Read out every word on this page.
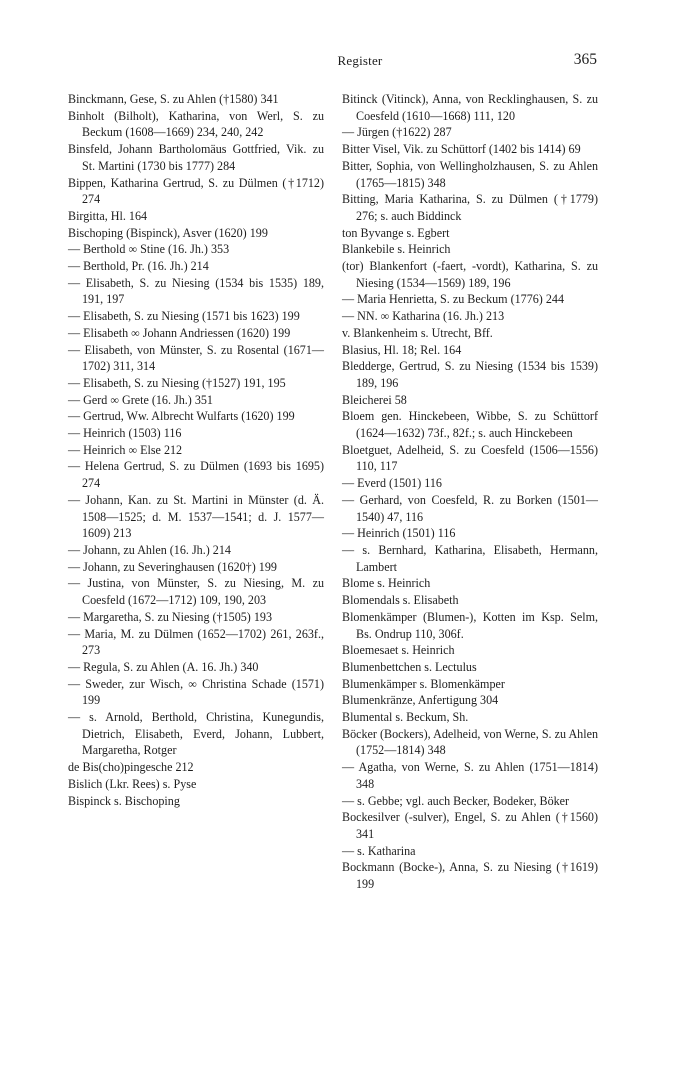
Register	365
Binckmann, Gese, S. zu Ahlen (†1580) 341
Binholt (Bilholt), Katharina, von Werl, S. zu Beckum (1608—1669) 234, 240, 242
Binsfeld, Johann Bartholomäus Gottfried, Vik. zu St. Martini (1730 bis 1777) 284
Bippen, Katharina Gertrud, S. zu Dülmen (†1712) 274
Birgitta, Hl. 164
Bischoping (Bispinck), Asver (1620) 199
— Berthold ∞ Stine (16. Jh.) 353
— Berthold, Pr. (16. Jh.) 214
— Elisabeth, S. zu Niesing (1534 bis 1535) 189, 191, 197
— Elisabeth, S. zu Niesing (1571 bis 1623) 199
— Elisabeth ∞ Johann Andriessen (1620) 199
— Elisabeth, von Münster, S. zu Rosental (1671—1702) 311, 314
— Elisabeth, S. zu Niesing (†1527) 191, 195
— Gerd ∞ Grete (16. Jh.) 351
— Gertrud, Ww. Albrecht Wulfarts (1620) 199
— Heinrich (1503) 116
— Heinrich ∞ Else 212
— Helena Gertrud, S. zu Dülmen (1693 bis 1695) 274
— Johann, Kan. zu St. Martini in Münster (d. Ä. 1508—1525; d. M. 1537—1541; d. J. 1577—1609) 213
— Johann, zu Ahlen (16. Jh.) 214
— Johann, zu Severinghausen (1620†) 199
— Justina, von Münster, S. zu Niesing, M. zu Coesfeld (1672—1712) 109, 190, 203
— Margaretha, S. zu Niesing (†1505) 193
— Maria, M. zu Dülmen (1652—1702) 261, 263f., 273
— Regula, S. zu Ahlen (A. 16. Jh.) 340
— Sweder, zur Wisch, ∞ Christina Schade (1571) 199
— s. Arnold, Berthold, Christina, Kunegundis, Dietrich, Elisabeth, Everd, Johann, Lubbert, Margaretha, Rotger
de Bis(cho)pingesche 212
Bislich (Lkr. Rees) s. Pyse
Bispinck s. Bischoping
Bitinck (Vitinck), Anna, von Recklinghausen, S. zu Coesfeld (1610—1668) 111, 120
— Jürgen (†1622) 287
Bitter Visel, Vik. zu Schüttorf (1402 bis 1414) 69
Bitter, Sophia, von Wellingholzhausen, S. zu Ahlen (1765—1815) 348
Bitting, Maria Katharina, S. zu Dülmen (†1779) 276; s. auch Biddinck
ton Byvange s. Egbert
Blankebile s. Heinrich
(tor) Blankenfort (-faert, -vordt), Katharina, S. zu Niesing (1534—1569) 189, 196
— Maria Henrietta, S. zu Beckum (1776) 244
— NN. ∞ Katharina (16. Jh.) 213
v. Blankenheim s. Utrecht, Bff.
Blasius, Hl. 18; Rel. 164
Bledderge, Gertrud, S. zu Niesing (1534 bis 1539) 189, 196
Bleicherei 58
Bloem gen. Hinckebeen, Wibbe, S. zu Schüttorf (1624—1632) 73f., 82f.; s. auch Hinckebeen
Bloetguet, Adelheid, S. zu Coesfeld (1506—1556) 110, 117
— Everd (1501) 116
— Gerhard, von Coesfeld, R. zu Borken (1501—1540) 47, 116
— Heinrich (1501) 116
— s. Bernhard, Katharina, Elisabeth, Hermann, Lambert
Blome s. Heinrich
Blomendals s. Elisabeth
Blomenkämper (Blumen-), Kotten im Ksp. Selm, Bs. Ondrup 110, 306f.
Bloemesaet s. Heinrich
Blumenbettchen s. Lectulus
Blumenkämper s. Blomenkämper
Blumenkränze, Anfertigung 304
Blumental s. Beckum, Sh.
Böcker (Bockers), Adelheid, von Werne, S. zu Ahlen (1752—1814) 348
— Agatha, von Werne, S. zu Ahlen (1751—1814) 348
— s. Gebbe; vgl. auch Becker, Bodeker, Böker
Bockesilver (-sulver), Engel, S. zu Ahlen (†1560) 341
— s. Katharina
Bockmann (Bocke-), Anna, S. zu Niesing (†1619) 199
